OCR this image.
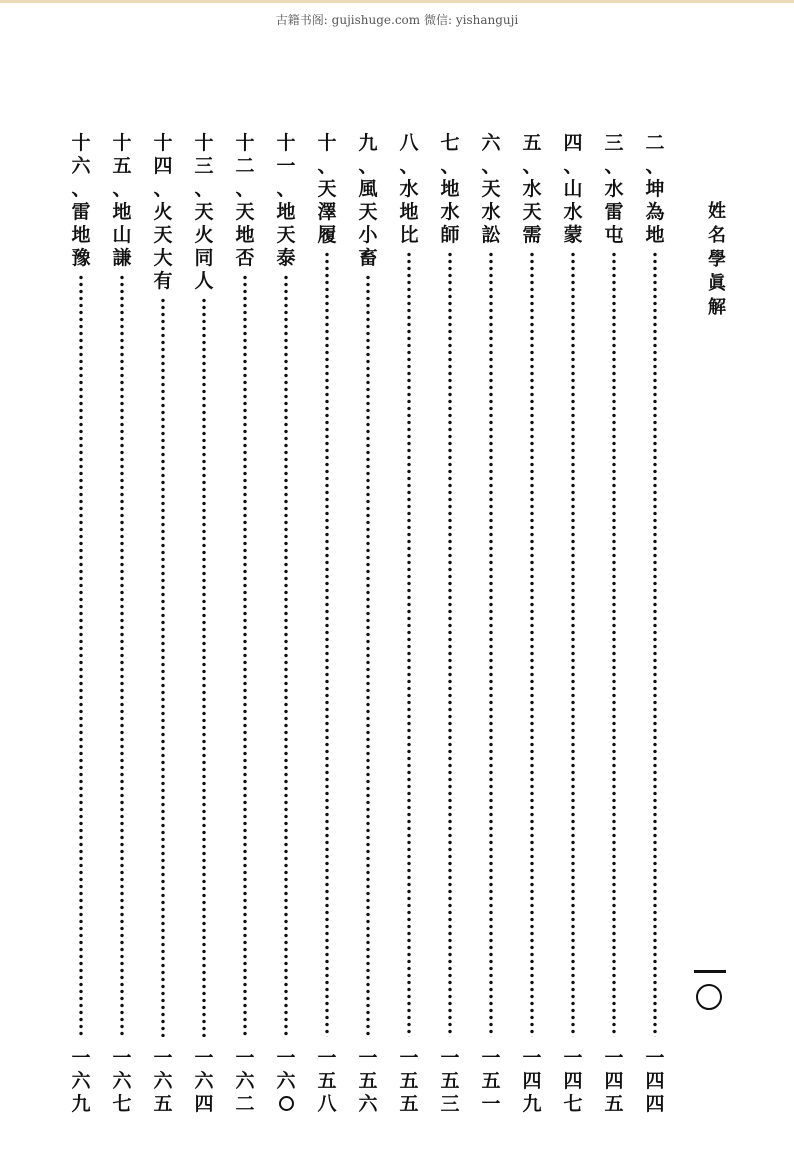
古籍书阁: gujishuge.com 微信: yishanguji
姓
名
學
眞
解
二
、
坤
為
地
一
四
四
三
、
水
雷
屯
一
四
五
四
、
山
水
蒙
一
四
七
五
、
水
天
需
一
四
九
六
、
天
水
訟
一
五
一
七
、
地
水
師
一
五
三
八
、
水
地
比
一
五
五
九
、
風
天
小
畜
一
五
六
十
、
天
澤
履
一
五
八
十
一
、
地
天
泰
一
六
十
二
、
天
地
否
一
六
二
十
三
、
天
火
同
人
一
六
四
十
四
、
火
天
大
有
一
六
五
十
五
、
地
山
謙
一
六
七
十
六
、
雷
地
豫
一
六
九
